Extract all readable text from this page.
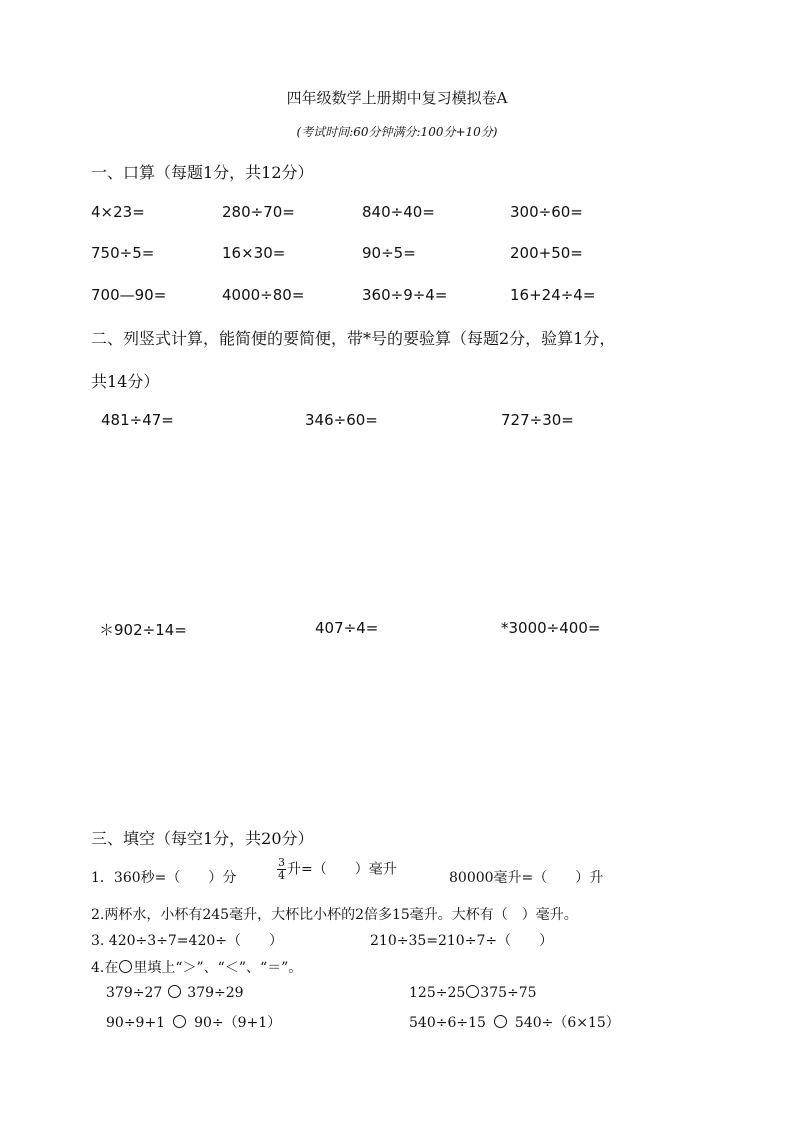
四年级数学上册期中复习模拟卷A
(考试时间:60分钟满分:100分+10分)
一、口算（每题1分，共12分）
4×23=	280÷70=	840÷40=	300÷60=
750÷5=	16×30=	90÷5=	200+50=
700—90=	4000÷80=	360÷9÷4=	16+24÷4=
二、列竖式计算，能简便的要简便，带*号的要验算（每题2分，验算1分，
共14分）
481÷47=	346÷60=	727÷30=
＊902÷14=	407÷4=	*3000÷400=
三、填空（每空1分，共20分）
1．360秒=（　　）分	$\frac{3}{4}$ 升=（　　）毫升
80000毫升=（　　）升
2.两杯水，小杯有245毫升，大杯比小杯的2倍多15毫升。大杯有（　）毫升。
3. 420÷3÷7=420÷（　　）	210÷35=210÷7÷（　　）
4.在 里填上“＞”、“＜”、“＝”。
379÷27 379÷29	125÷25 375÷75
90÷9+1 90÷（9+1）	540÷6÷15 540÷（6×15）
